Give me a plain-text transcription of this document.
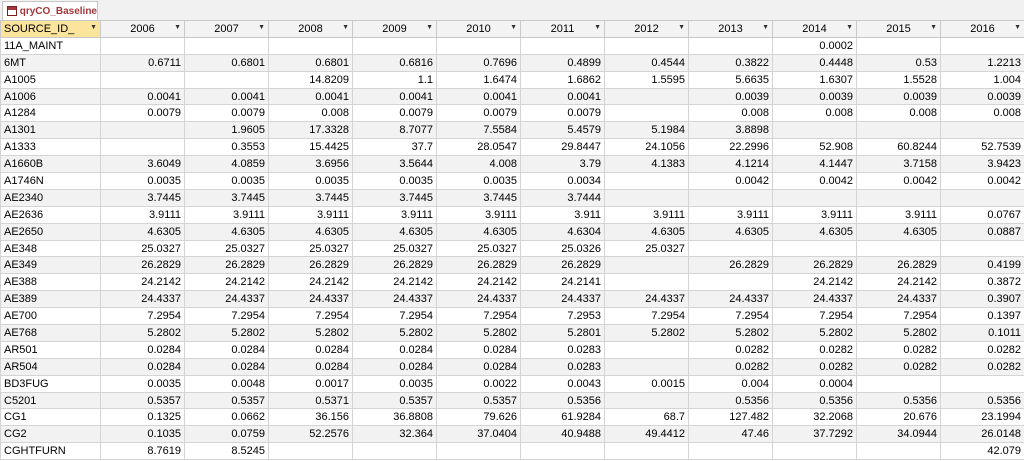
qryCO_Baseline
SOURCE_ID_ ▼	2006 ▼	2007 ▼	2008 ▼	2009 ▼	2010 ▼	2011 ▼	2012 ▼	2013 ▼	2014 ▼	2015 ▼	2016 ▼

11A_MAINT									0.0002		
6MT	0.6711	0.6801	0.6801	0.6816	0.7696	0.4899	0.4544	0.3822	0.4448	0.53	1.2213
A1005			14.8209	1.1	1.6474	1.6862	1.5595	5.6635	1.6307	1.5528	1.004
A1006	0.0041	0.0041	0.0041	0.0041	0.0041	0.0041		0.0039	0.0039	0.0039	0.0039
A1284	0.0079	0.0079	0.008	0.0079	0.0079	0.0079		0.008	0.008	0.008	0.008
A1301		1.9605	17.3328	8.7077	7.5584	5.4579	5.1984	3.8898			
A1333		0.3553	15.4425	37.7	28.0547	29.8447	24.1056	22.2996	52.908	60.8244	52.7539
A1660B	3.6049	4.0859	3.6956	3.5644	4.008	3.79	4.1383	4.1214	4.1447	3.7158	3.9423
A1746N	0.0035	0.0035	0.0035	0.0035	0.0035	0.0034		0.0042	0.0042	0.0042	0.0042
AE2340	3.7445	3.7445	3.7445	3.7445	3.7445	3.7444					
AE2636	3.9111	3.9111	3.9111	3.9111	3.9111	3.911	3.9111	3.9111	3.9111	3.9111	0.0767
AE2650	4.6305	4.6305	4.6305	4.6305	4.6305	4.6304	4.6305	4.6305	4.6305	4.6305	0.0887
AE348	25.0327	25.0327	25.0327	25.0327	25.0327	25.0326	25.0327				
AE349	26.2829	26.2829	26.2829	26.2829	26.2829	26.2829		26.2829	26.2829	26.2829	0.4199
AE388	24.2142	24.2142	24.2142	24.2142	24.2142	24.2141			24.2142	24.2142	0.3872
AE389	24.4337	24.4337	24.4337	24.4337	24.4337	24.4337	24.4337	24.4337	24.4337	24.4337	0.3907
AE700	7.2954	7.2954	7.2954	7.2954	7.2954	7.2953	7.2954	7.2954	7.2954	7.2954	0.1397
AE768	5.2802	5.2802	5.2802	5.2802	5.2802	5.2801	5.2802	5.2802	5.2802	5.2802	0.1011
AR501	0.0284	0.0284	0.0284	0.0284	0.0284	0.0283		0.0282	0.0282	0.0282	0.0282
AR504	0.0284	0.0284	0.0284	0.0284	0.0284	0.0283		0.0282	0.0282	0.0282	0.0282
BD3FUG	0.0035	0.0048	0.0017	0.0035	0.0022	0.0043	0.0015	0.004	0.0004		
C5201	0.5357	0.5357	0.5371	0.5357	0.5357	0.5356		0.5356	0.5356	0.5356	0.5356
CG1	0.1325	0.0662	36.156	36.8808	79.626	61.9284	68.7	127.482	32.2068	20.676	23.1994
CG2	0.1035	0.0759	52.2576	32.364	37.0404	40.9488	49.4412	47.46	37.7292	34.0944	26.0148
CGHTFURN	8.7619	8.5245									42.079
